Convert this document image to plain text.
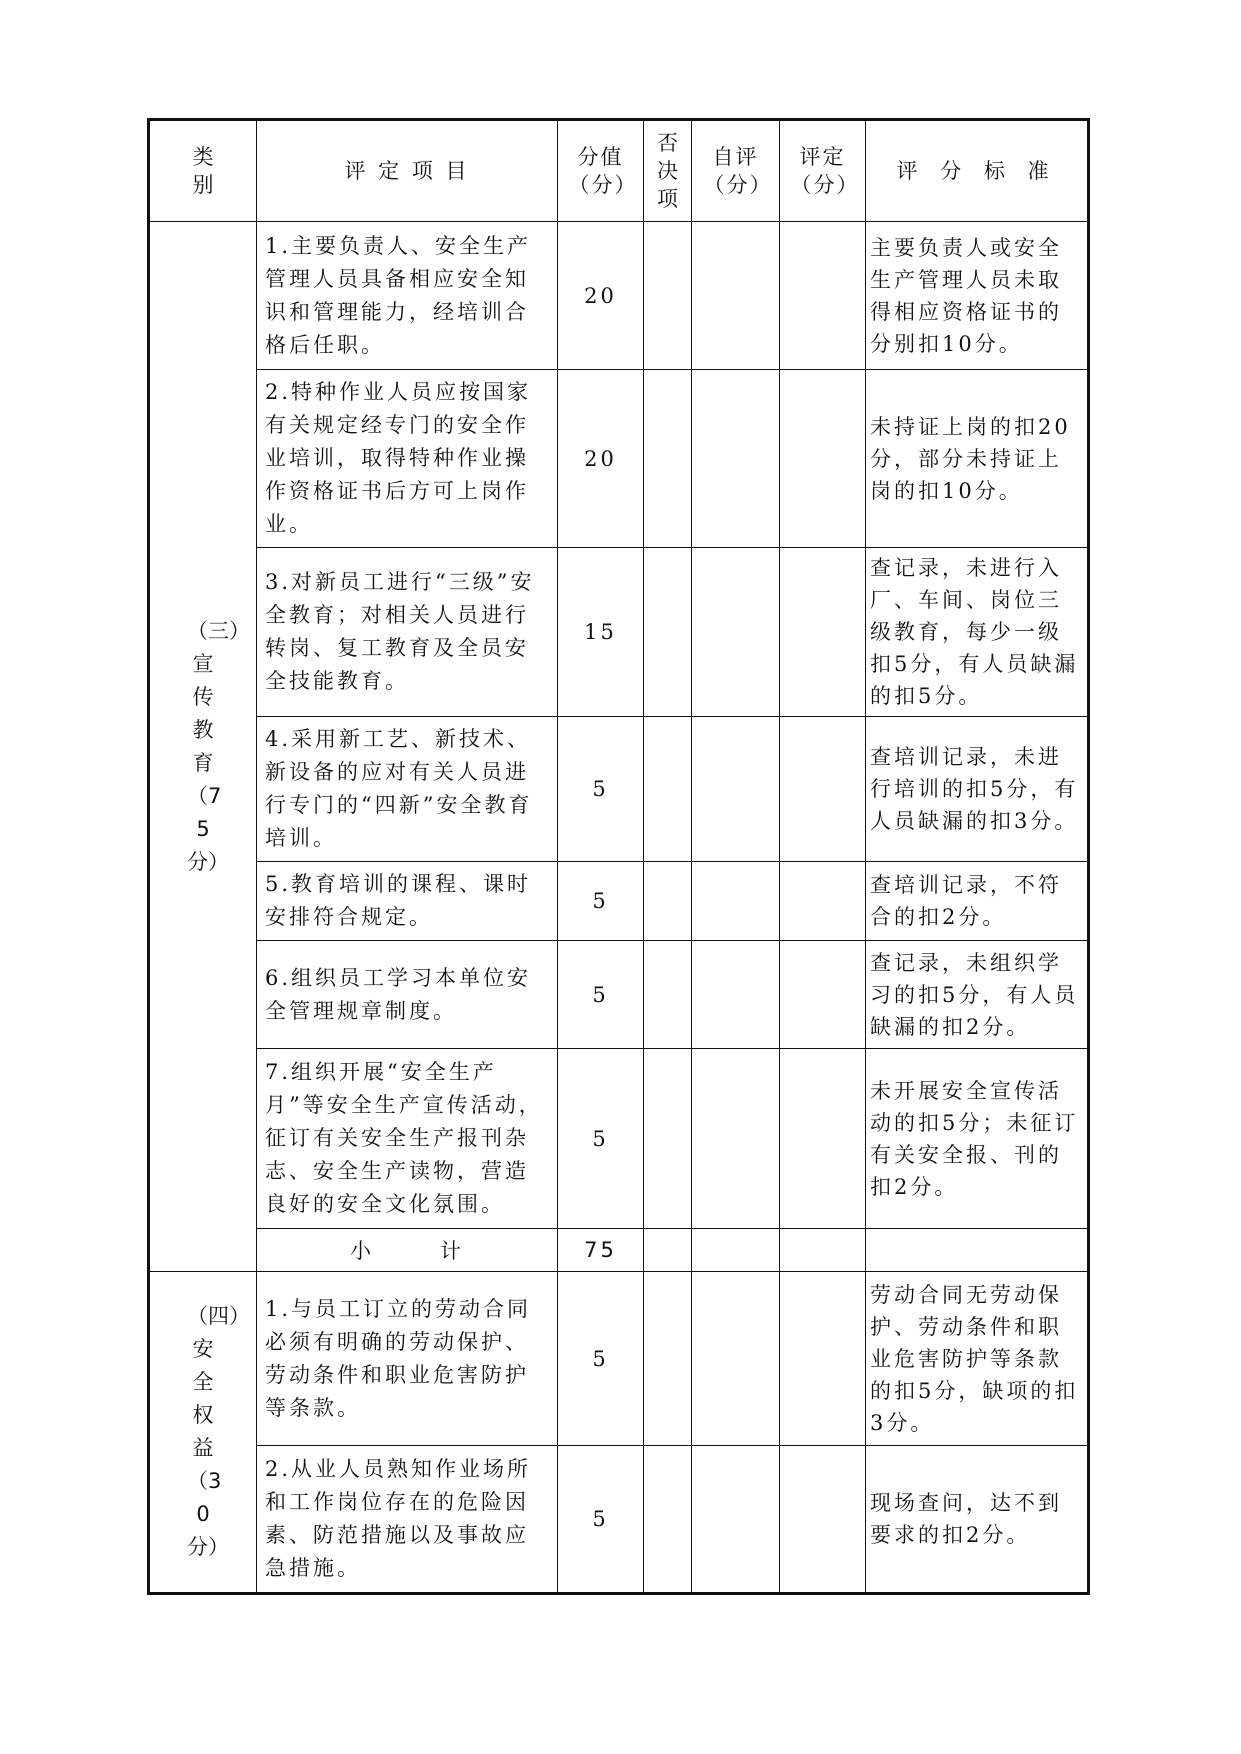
类别	评 定 项 目	分值（分）	否决项	自评（分）	评定（分）	评 分 标 准
（三）宣传教育（75分）	1.主要负责人、安全生产管理人员具备相应安全知识和管理能力，经培训合格后任职。	20				主要负责人或安全生产管理人员未取得相应资格证书的分别扣10分。
	2.特种作业人员应按国家有关规定经专门的安全作业培训，取得特种作业操作资格证书后方可上岗作业。	20				未持证上岗的扣20分，部分未持证上岗的扣10分。
	3.对新员工进行“三级”安全教育；对相关人员进行转岗、复工教育及全员安全技能教育。	15				查记录，未进行入厂、车间、岗位三级教育，每少一级扣5分，有人员缺漏的扣5分。
	4.采用新工艺、新技术、新设备的应对有关人员进行专门的“四新”安全教育培训。	5				查培训记录，未进行培训的扣5分，有人员缺漏的扣3分。
	5.教育培训的课程、课时安排符合规定。	5				查培训记录，不符合的扣2分。
	6.组织员工学习本单位安全管理规章制度。	5				查记录，未组织学习的扣5分，有人员缺漏的扣2分。
	7.组织开展“安全生产月”等安全生产宣传活动，征订有关安全生产报刊杂志、安全生产读物，营造良好的安全文化氛围。	5				未开展安全宣传活动的扣5分；未征订有关安全报、刊的扣2分。
	小 计	75				
（四）安全权益（30分）	1.与员工订立的劳动合同必须有明确的劳动保护、劳动条件和职业危害防护等条款。	5				劳动合同无劳动保护、劳动条件和职业危害防护等条款的扣5分，缺项的扣3分。
	2.从业人员熟知作业场所和工作岗位存在的危险因素、防范措施以及事故应急措施。	5				现场查问，达不到要求的扣2分。
